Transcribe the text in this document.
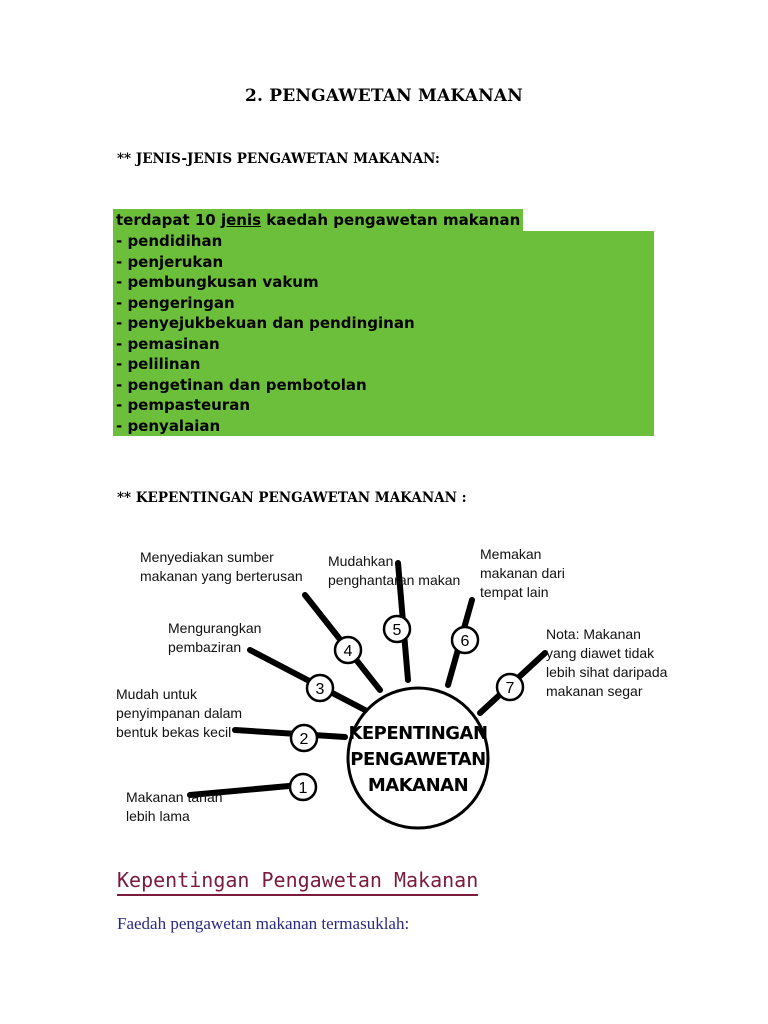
2. PENGAWETAN MAKANAN
** JENIS-JENIS PENGAWETAN MAKANAN:
terdapat 10 jenis kaedah pengawetan makanan
- pendidihan
- penjerukan
- pembungkusan vakum
- pengeringan
- penyejukbekuan dan pendinginan
- pemasinan
- pelilinan
- pengetinan dan pembotolan
- pempasteuran
- penyalaian
** KEPENTINGAN PENGAWETAN MAKANAN :
1
2
3
4
5
6
7
KEPENTINGAN
PENGAWETAN
MAKANAN
Makanan tahan
lebih lama
Mudah untuk
penyimpanan dalam
bentuk bekas kecil
Mengurangkan
pembaziran
Menyediakan sumber
makanan yang berterusan
Mudahkan
penghantaran makan
Memakan
makanan dari
tempat lain
Nota: Makanan
yang diawet tidak
lebih sihat daripada
makanan segar
Kepentingan Pengawetan Makanan
Faedah pengawetan makanan termasuklah:
